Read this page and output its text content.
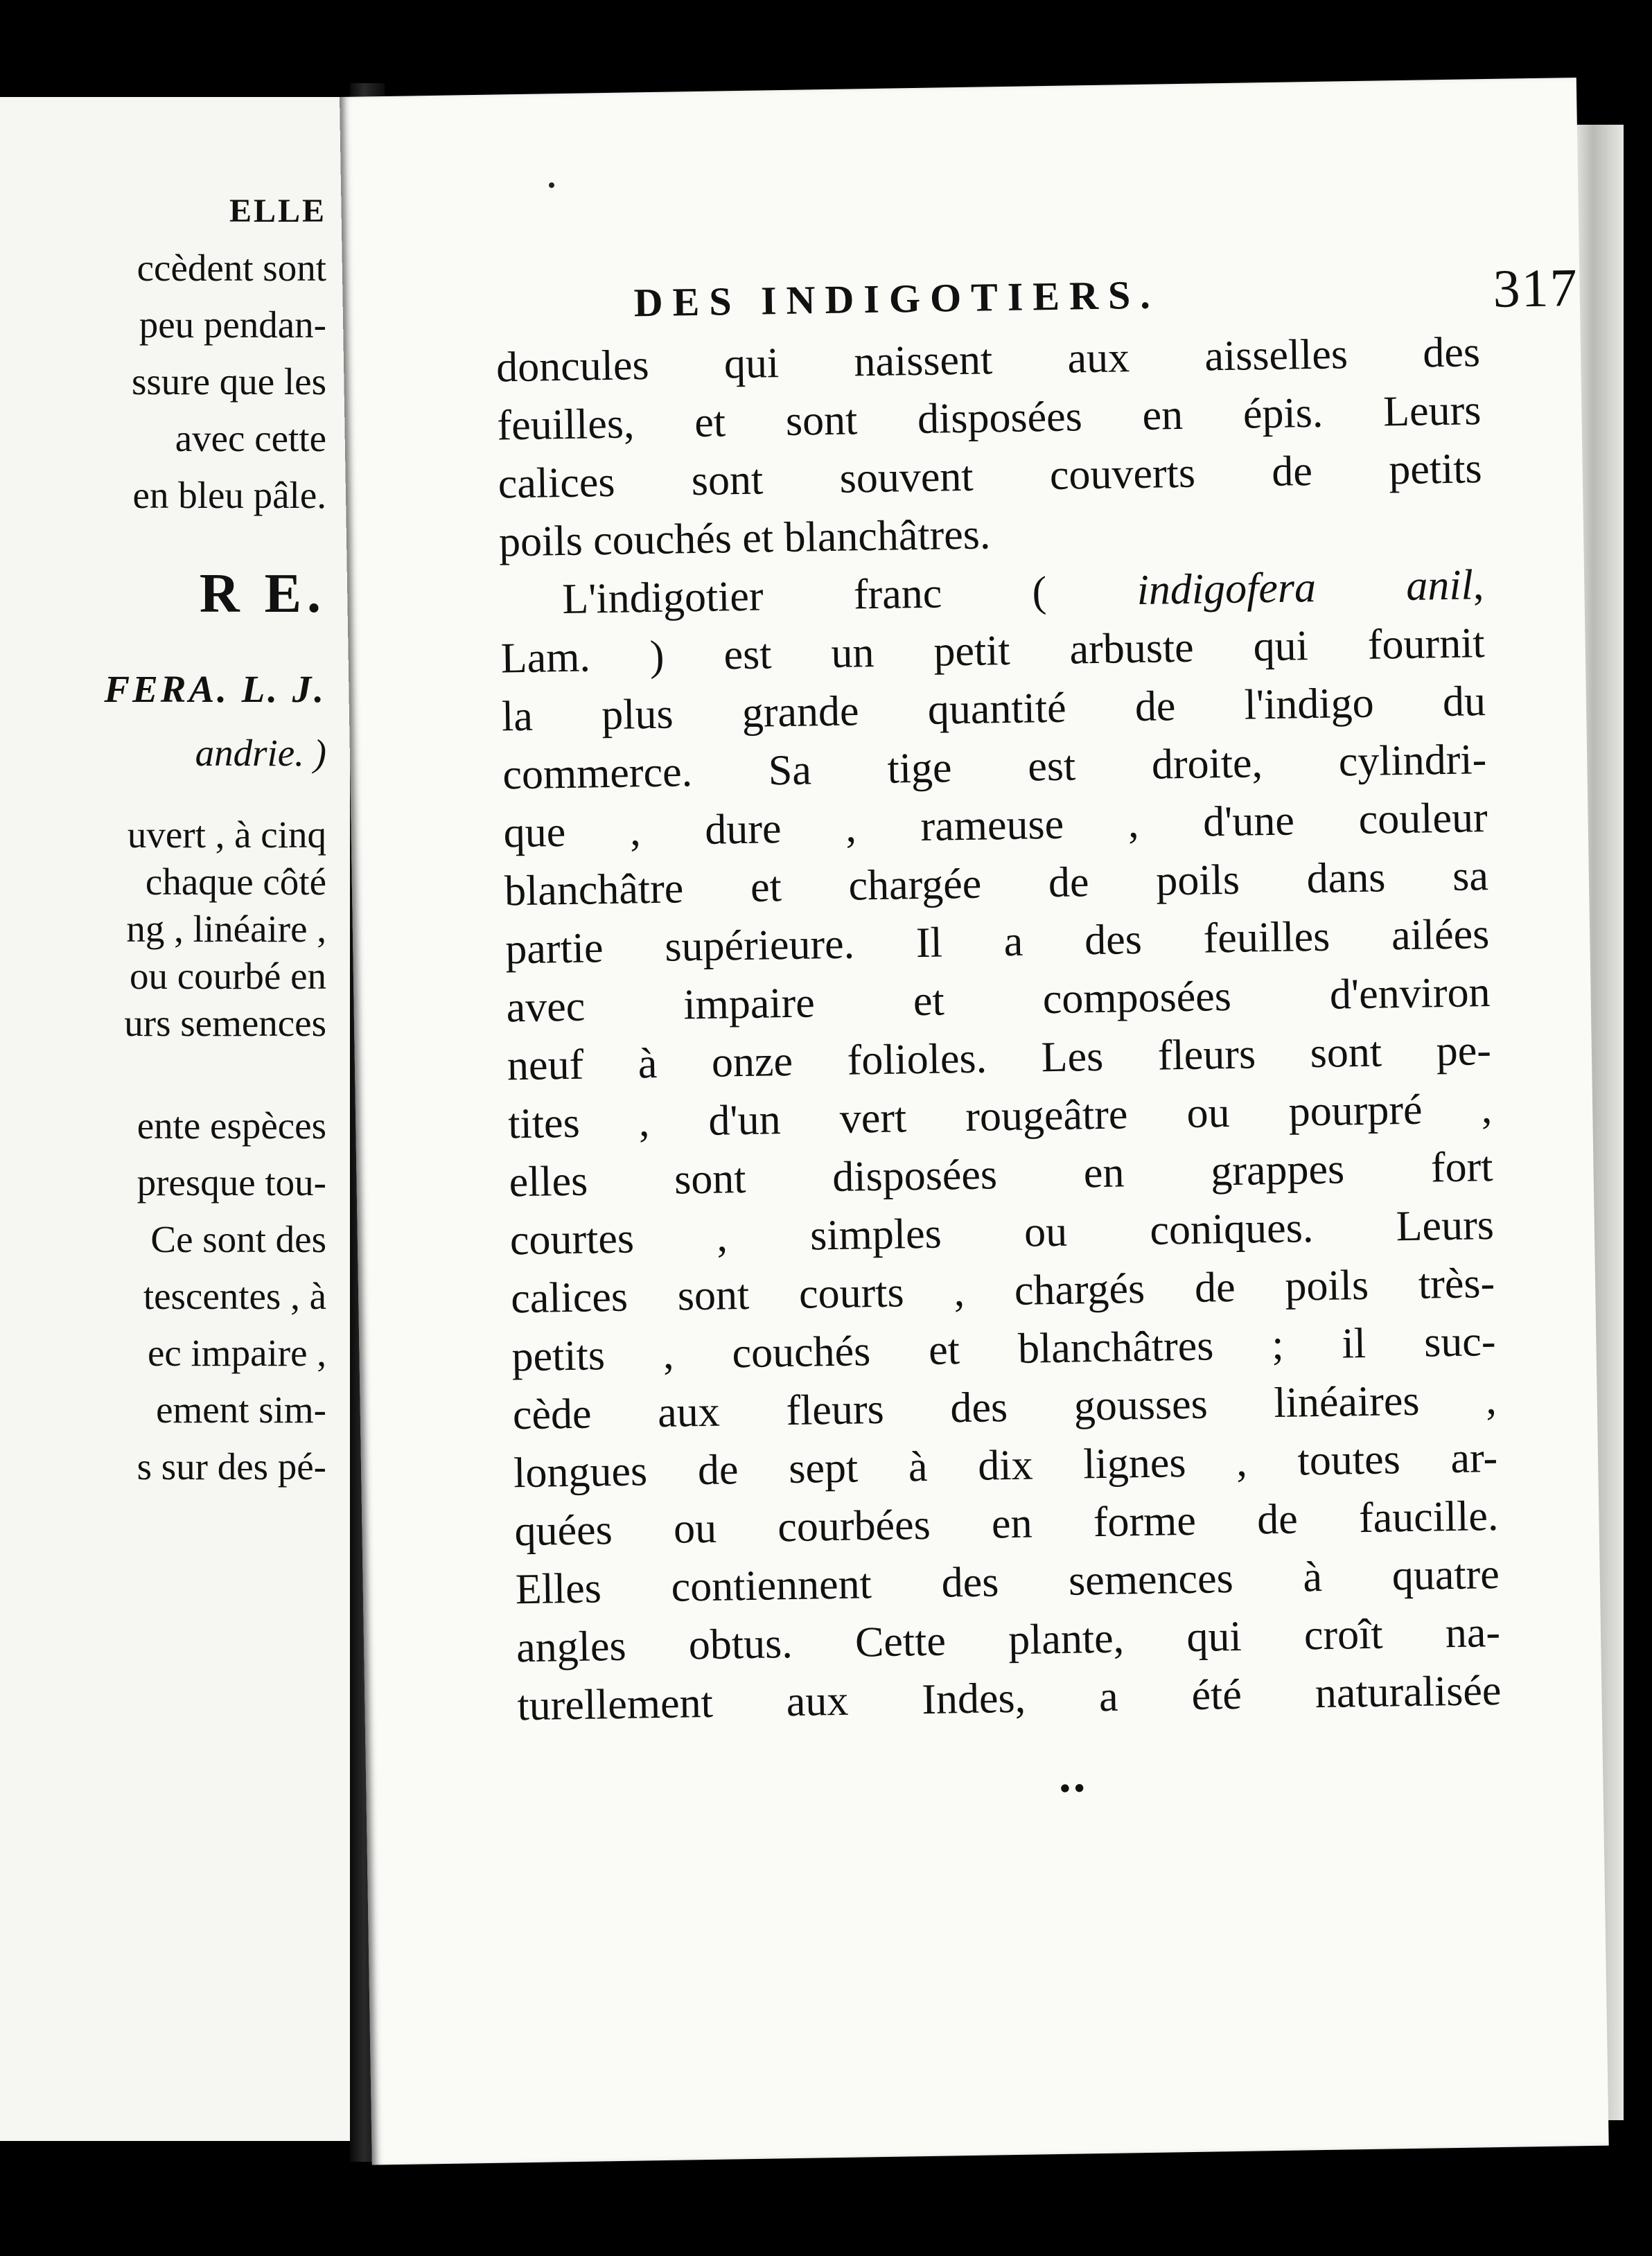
ELLE
ccèdent sont
peu pendan-
ssure que les
avec cette
en bleu pâle.
R E.
FERA. L. J.
andrie. )
uvert , à cinq
chaque côté
ng , linéaire ,
ou courbé en
urs semences
ente espèces
presque tou-
Ce sont des
tescentes , à
ec impaire ,
ement sim-
s sur des pé-
DES INDIGOTIERS.	317
doncules qui naissent aux aisselles des
feuilles, et sont disposées en épis. Leurs
calices sont souvent couverts de petits
poils couchés et blanchâtres.
L'indigotier franc ( indigofera anil,
Lam. ) est un petit arbuste qui fournit
la plus grande quantité de l'indigo du
commerce. Sa tige est droite, cylindri-
que , dure , rameuse , d'une couleur
blanchâtre et chargée de poils dans sa
partie supérieure. Il a des feuilles ailées
avec impaire et composées d'environ
neuf à onze folioles. Les fleurs sont pe-
tites , d'un vert rougeâtre ou pourpré ,
elles sont disposées en grappes fort
courtes , simples ou coniques. Leurs
calices sont courts , chargés de poils très-
petits , couchés et blanchâtres ; il suc-
cède aux fleurs des gousses linéaires ,
longues de sept à dix lignes , toutes ar-
quées ou courbées en forme de faucille.
Elles contiennent des semences à quatre
angles obtus. Cette plante, qui croît na-
turellement aux Indes, a été naturalisée
••
